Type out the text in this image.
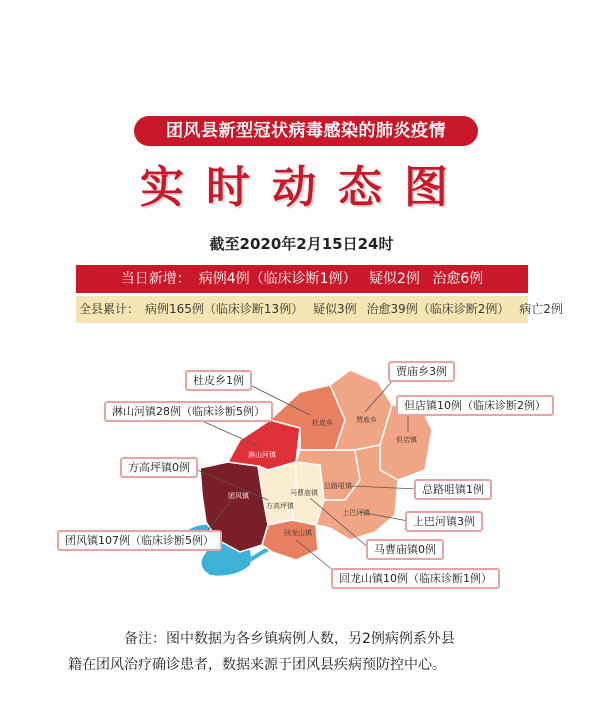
团风县新型冠状病毒感染的肺炎疫情
实时动态图
截至2020年2月15日24时
当日新增： 病例4例（临床诊断1例） 疑似2例 治愈6例
全县累计： 病例165例（临床诊断13例） 疑似3例 治愈39例（临床诊断2例） 病亡2例
杜皮乡	贾庙乡
但店镇
淋山河镇
总路咀镇
团风镇
方高坪镇
马曹庙镇
上巴河镇
回龙山镇
杜皮乡1例
贾庙乡3例
但店镇10例（临床诊断2例）
淋山河镇28例（临床诊断5例）
方高坪镇0例
总路咀镇1例
上巴河镇3例
团风镇107例（临床诊断5例）
马曹庙镇0例
回龙山镇10例（临床诊断1例）
备注：图中数据为各乡镇病例人数，另2例病例系外县
籍在团风治疗确诊患者，数据来源于团风县疾病预防控中心。
